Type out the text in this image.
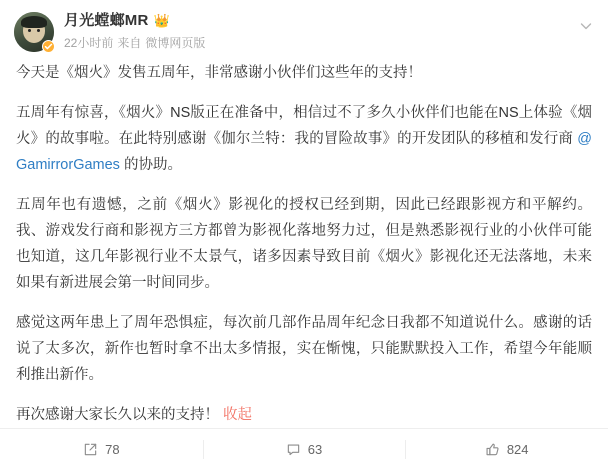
月光螳螂MR 👑
22小时前 来自 微博网页版

今天是《烟火》发售五周年，非常感谢小伙伴们这些年的支持！

五周年有惊喜，《烟火》NS版正在准备中，相信过不了多久小伙伴们也能在NS上体验《烟火》的故事啦。在此特别感谢《伽尔兰特：我的冒险故事》的开发团队的移植和发行商 @GamirrorGames 的协助。

五周年也有遗憾，之前《烟火》影视化的授权已经到期，因此已经跟影视方和平解约。我、游戏发行商和影视方三方都曾为影视化落地努力过，但是熟悉影视行业的小伙伴可能也知道，这几年影视行业不太景气，诸多因素导致目前《烟火》影视化还无法落地，未来如果有新进展会第一时间同步。

感觉这两年患上了周年恐惧症，每次前几部作品周年纪念日我都不知道说什么。感谢的话说了太多次，新作也暂时拿不出太多情报，实在惭愧，只能默默投入工作，希望今年能顺利推出新作。

再次感谢大家长久以来的支持！ 收起

78	63	824
